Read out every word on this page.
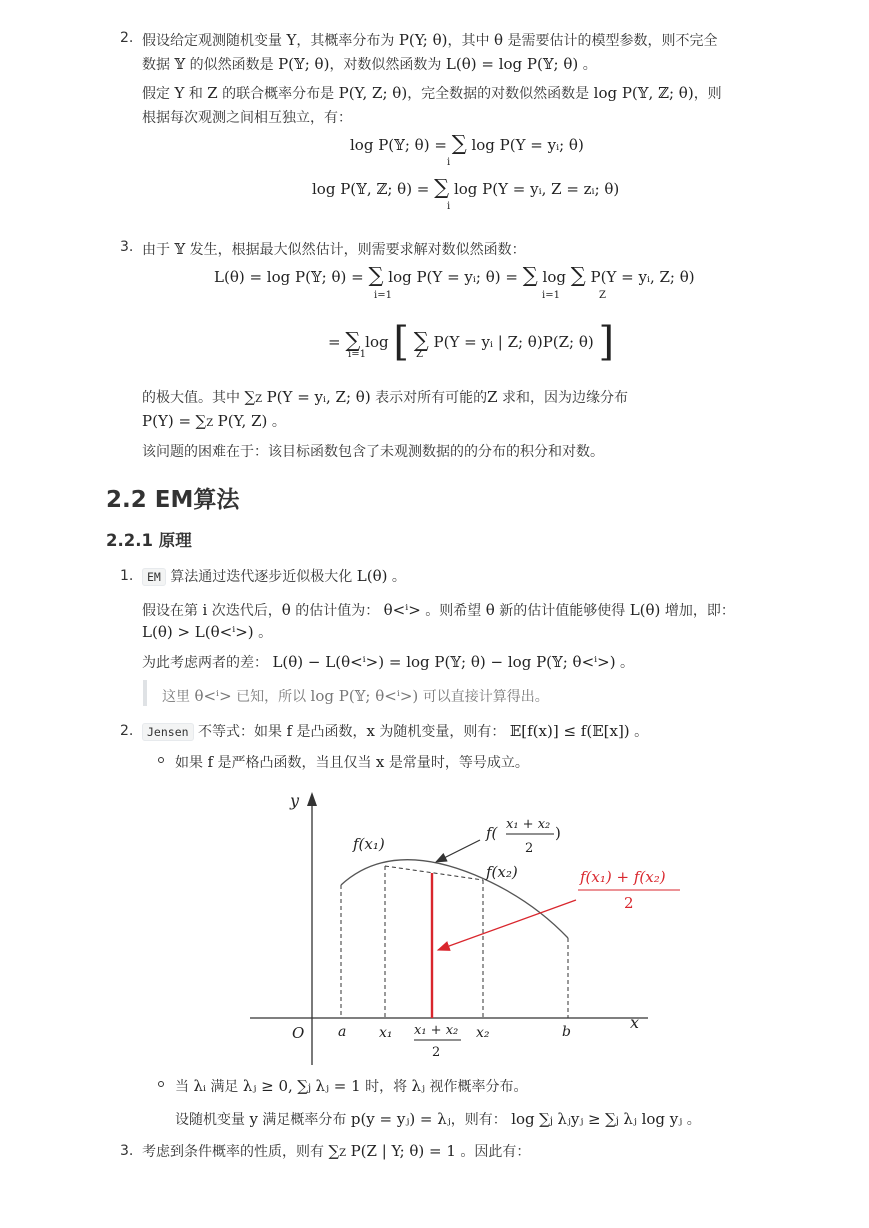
2. 假设给定观测随机变量 Y，其概率分布为 P(Y; θ)，其中 θ 是需要估计的模型参数，则不完全
数据 𝕐 的似然函数是 P(𝕐; θ)，对数似然函数为 L(θ) = log P(𝕐; θ) 。
假定 Y 和 Z 的联合概率分布是 P(Y, Z; θ)，完全数据的对数似然函数是 log P(𝕐, ℤ; θ)，则
根据每次观测之间相互独立，有：
log P(𝕐; θ) = ∑ log P(Y = yᵢ; θ)
i
log P(𝕐, ℤ; θ) = ∑ log P(Y = yᵢ, Z = zᵢ; θ)
i
3. 由于 𝕐 发生，根据最大似然估计，则需要求解对数似然函数：
L(θ) = log P(𝕐; θ) = ∑ log P(Y = yᵢ; θ) = ∑ log ∑ P(Y = yᵢ, Z; θ)
i=1	i=1	Z
= ∑ log [ ∑ P(Y = yᵢ | Z; θ)P(Z; θ) ]
i=1	Z
的极大值。其中 ∑Z P(Y = yᵢ, Z; θ) 表示对所有可能的Z 求和，因为边缘分布
P(Y) = ∑Z P(Y, Z) 。
该问题的困难在于：该目标函数包含了未观测数据的的分布的积分和对数。
2.2 EM算法
2.2.1 原理
1.	EM 算法通过迭代逐步近似极大化 L(θ) 。
假设在第 i 次迭代后，θ 的估计值为： θ<ⁱ> 。则希望 θ 新的估计值能够使得 L(θ) 增加，即：
L(θ) > L(θ<ⁱ>) 。
为此考虑两者的差： L(θ) − L(θ<ⁱ>) = log P(𝕐; θ) − log P(𝕐; θ<ⁱ>) 。
这里 θ<ⁱ> 已知，所以 log P(𝕐; θ<ⁱ>) 可以直接计算得出。
2.	Jensen 不等式：如果 f 是凸函数，x 为随机变量，则有： 𝔼[f(x)] ≤ f(𝔼[x]) 。
如果 f 是严格凸函数，当且仅当 x 是常量时，等号成立。
y
x
O a x₁ x₁ + x₂
2
x₂	b
f(x₁)
f(x₂)
f( x₁ + x₂
2
)
f(x₁) + f(x₂)
2
当 λᵢ 满足 λⱼ ≥ 0, ∑j λⱼ = 1 时，将 λⱼ 视作概率分布。
设随机变量 y 满足概率分布 p(y = yⱼ) = λⱼ，则有： log ∑j λⱼyⱼ ≥ ∑j λⱼ log yⱼ 。
3. 考虑到条件概率的性质，则有 ∑Z P(Z | Y; θ) = 1 。因此有：
